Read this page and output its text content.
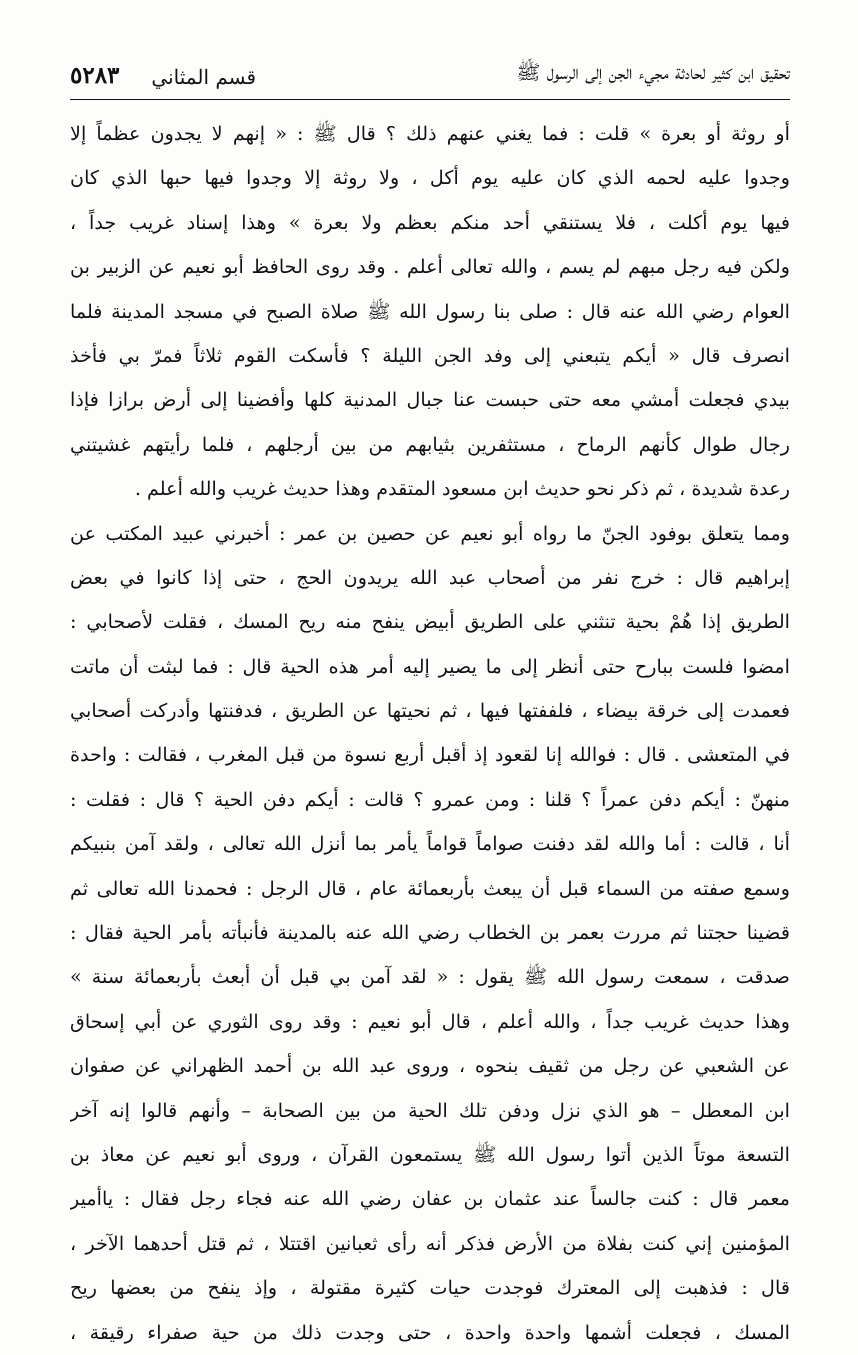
تحقيق ابن كثير لحادثة مجيء الجن إلى الرسول ﷺ
قسم المثاني
٥٢٨٣
أو روثة أو بعرة » قلت : فما يغني عنهم ذلك ؟ قال ﷺ : « إنهم لا يجدون عظماً إلا
وجدوا عليه لحمه الذي كان عليه يوم أكل ، ولا روثة إلا وجدوا فيها حبها الذي كان
فيها يوم أكلت ، فلا يستنقي أحد منكم بعظم ولا بعرة » وهذا إسناد غريب جداً ،
ولكن فيه رجل مبهم لم يسم ، والله تعالى أعلم . وقد روى الحافظ أبو نعيم عن الزبير بن
العوام رضي الله عنه قال : صلى بنا رسول الله ﷺ صلاة الصبح في مسجد المدينة فلما
انصرف قال « أيكم يتبعني إلى وفد الجن الليلة ؟ فأسكت القوم ثلاثاً فمرّ بي فأخذ
بيدي فجعلت أمشي معه حتى حبست عنا جبال المدنية كلها وأفضينا إلى أرض برازا فإذا
رجال طوال كأنهم الرماح ، مستثفرين بثيابهم من بين أرجلهم ، فلما رأيتهم غشيتني
رعدة شديدة ، ثم ذكر نحو حديث ابن مسعود المتقدم وهذا حديث غريب والله أعلم .
ومما يتعلق بوفود الجنّ ما رواه أبو نعيم عن حصين بن عمر : أخبرني عبيد المكتب عن
إبراهيم قال : خرج نفر من أصحاب عبد الله يريدون الحج ، حتى إذا كانوا في بعض
الطريق إذا هُمْ بحية تنثني على الطريق أبيض ينفح منه ريح المسك ، فقلت لأصحابي :
امضوا فلست ببارح حتى أنظر إلى ما يصير إليه أمر هذه الحية قال : فما لبثت أن ماتت
فعمدت إلى خرقة بيضاء ، فلففتها فيها ، ثم نحيتها عن الطريق ، فدفنتها وأدركت أصحابي
في المتعشى . قال : فوالله إنا لقعود إذ أقبل أربع نسوة من قبل المغرب ، فقالت : واحدة
منهنّ : أيكم دفن عمراً ؟ قلنا : ومن عمرو ؟ قالت : أيكم دفن الحية ؟ قال : فقلت :
أنا ، قالت : أما والله لقد دفنت صواماً قواماً يأمر بما أنزل الله تعالى ، ولقد آمن بنبيكم
وسمع صفته من السماء قبل أن يبعث بأربعمائة عام ، قال الرجل : فحمدنا الله تعالى ثم
قضينا حجتنا ثم مررت بعمر بن الخطاب رضي الله عنه بالمدينة فأنبأته بأمر الحية فقال :
صدقت ، سمعت رسول الله ﷺ يقول : « لقد آمن بي قبل أن أبعث بأربعمائة سنة »
وهذا حديث غريب جداً ، والله أعلم ، قال أبو نعيم : وقد روى الثوري عن أبي إسحاق
عن الشعبي عن رجل من ثقيف بنحوه ، وروى عبد الله بن أحمد الظهراني عن صفوان
ابن المعطل – هو الذي نزل ودفن تلك الحية من بين الصحابة – وأنهم قالوا إنه آخر
التسعة موتاً الذين أتوا رسول الله ﷺ يستمعون القرآن ، وروى أبو نعيم عن معاذ بن
معمر قال : كنت جالساً عند عثمان بن عفان رضي الله عنه فجاء رجل فقال : ياأمير
المؤمنين إني كنت بفلاة من الأرض فذكر أنه رأى ثعبانين اقتتلا ، ثم قتل أحدهما الآخر ،
قال : فذهبت إلى المعترك فوجدت حيات كثيرة مقتولة ، وإذ ينفح من بعضها ريح
المسك ، فجعلت أشمها واحدة واحدة ، حتى وجدت ذلك من حية صفراء رقيقة ،
